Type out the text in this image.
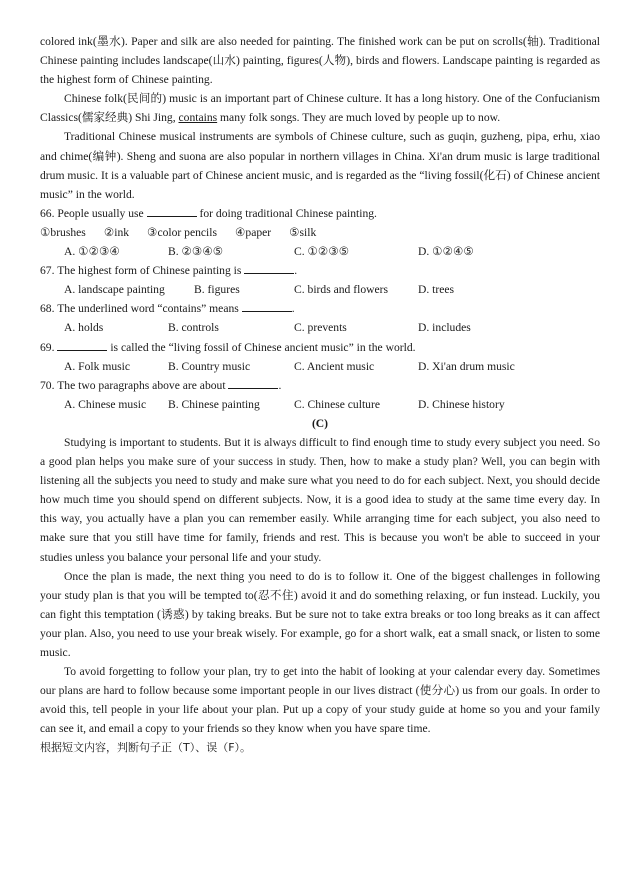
colored ink(墨水). Paper and silk are also needed for painting. The finished work can be put on scrolls(轴). Traditional Chinese painting includes landscape(山水) painting, figures(人物), birds and flowers. Landscape painting is regarded as the highest form of Chinese painting.

Chinese folk(民间的) music is an important part of Chinese culture. It has a long history. One of the Confucianism Classics(儒家经典) Shi Jing, contains many folk songs. They are much loved by people up to now.

Traditional Chinese musical instruments are symbols of Chinese culture, such as guqin, guzheng, pipa, erhu, xiao and chime(编钟). Sheng and suona are also popular in northern villages in China. Xi'an drum music is large traditional drum music. It is a valuable part of Chinese ancient music, and is regarded as the “living fossil(化石) of Chinese ancient music” in the world.

66. People usually use	for doing traditional Chinese painting.

①brushes ②ink ③color pencils ④paper ⑤silk
A. ①②③④	B. ②③④⑤	C. ①②③⑤	D. ①②④⑤

67. The highest form of Chinese painting is	.

A. landscape painting	B. figures	C. birds and flowers	D. trees

68. The underlined word “contains” means	.

A. holds	B. controls	C. prevents	D. includes

69.	is called the “living fossil of Chinese ancient music” in the world.

A. Folk music	B. Country music	C. Ancient music	D. Xi'an drum music

70. The two paragraphs above are about	.

A. Chinese music	B. Chinese painting	C. Chinese culture	D. Chinese history

(C)

Studying is important to students. But it is always difficult to find enough time to study every subject you need. So a good plan helps you make sure of your success in study. Then, how to make a study plan? Well, you can begin with listening all the subjects you need to study and make sure what you need to do for each subject. Next, you should decide how much time you should spend on different subjects. Now, it is a good idea to study at the same time every day. In this way, you actually have a plan you can remember easily. While arranging time for each subject, you also need to make sure that you still have time for family, friends and rest. This is because you won't be able to succeed in your studies unless you balance your personal life and your study.

Once the plan is made, the next thing you need to do is to follow it. One of the biggest challenges in following your study plan is that you will be tempted to(忍不住) avoid it and do something relaxing, or fun instead. Luckily, you can fight this temptation (诱惑) by taking breaks. But be sure not to take extra breaks or too long breaks as it can affect your plan. Also, you need to use your break wisely. For example, go for a short walk, eat a small snack, or listen to some music.

To avoid forgetting to follow your plan, try to get into the habit of looking at your calendar every day. Sometimes our plans are hard to follow because some important people in our lives distract (使分心) us from our goals. In order to avoid this, tell people in your life about your plan. Put up a copy of your study guide at home so you and your family can see it, and email a copy to your friends so they know when you have spare time.

根据短文内容，判断句子正（T）、误（F）。
